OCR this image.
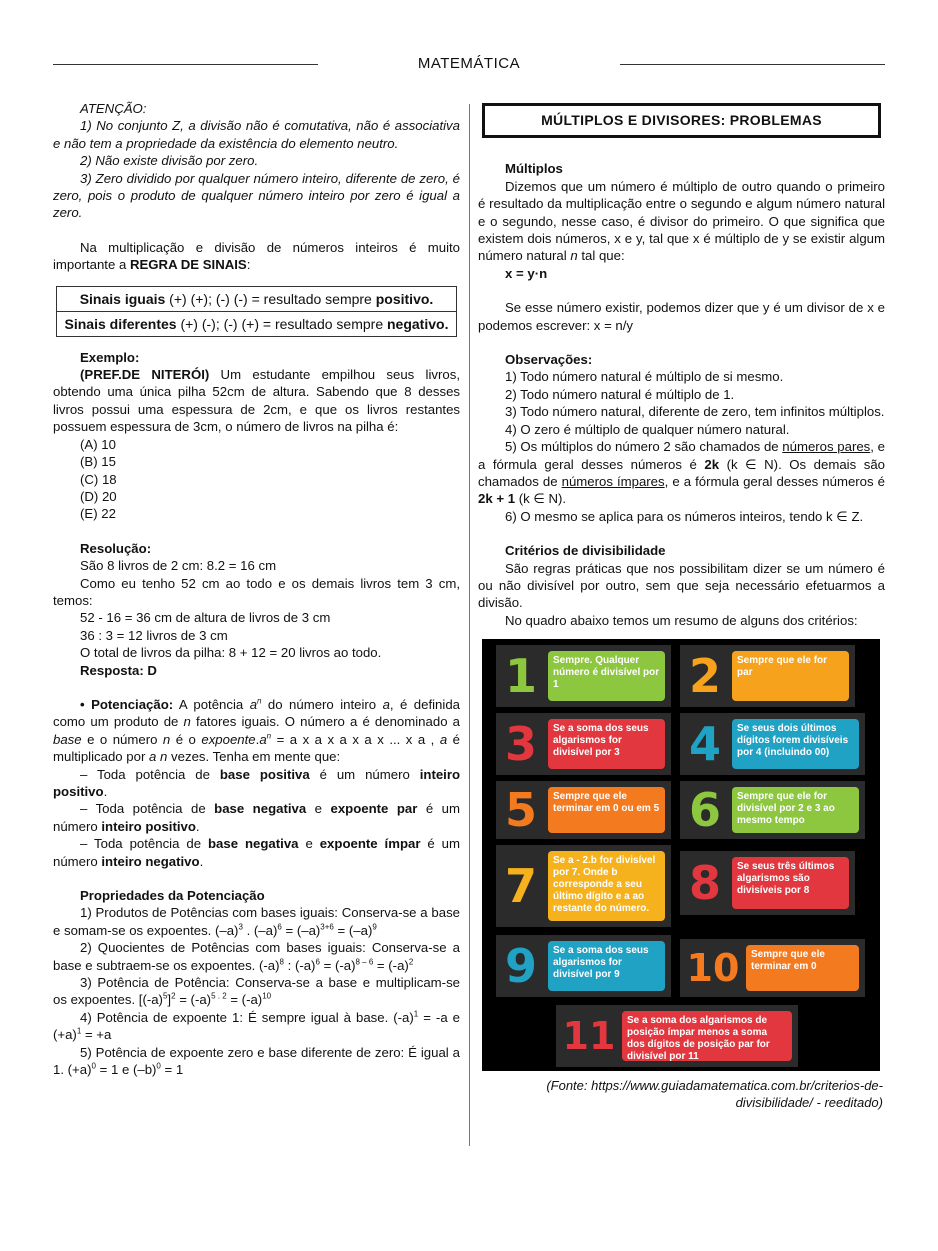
MATEMÁTICA

ATENÇÃO:

1) No conjunto Z, a divisão não é comutativa, não é associativa e não tem a propriedade da existência do elemento neutro.

2) Não existe divisão por zero.

3) Zero dividido por qualquer número inteiro, diferente de zero, é zero, pois o produto de qualquer número inteiro por zero é igual a zero.

Na multiplicação e divisão de números inteiros é muito importante a REGRA DE SINAIS:

Sinais iguais (+) (+); (-) (-) = resultado sempre positivo.
Sinais diferentes (+) (-); (-) (+) = resultado sempre negativo.

Exemplo:

(PREF.DE NITERÓI) Um estudante empilhou seus livros, obtendo uma única pilha 52cm de altura. Sabendo que 8 desses livros possui uma espessura de 2cm, e que os livros restantes possuem espessura de 3cm, o número de livros na pilha é:

(A) 10

(B) 15

(C) 18

(D) 20

(E) 22

Resolução:

São 8 livros de 2 cm: 8.2 = 16 cm

Como eu tenho 52 cm ao todo e os demais livros tem 3 cm, temos:

52 - 16 = 36 cm de altura de livros de 3 cm

36 : 3 = 12 livros de 3 cm

O total de livros da pilha: 8 + 12 = 20 livros ao todo.

Resposta: D

• Potenciação: A potência $a^n$ do número inteiro a, é definida como um produto de n fatores iguais. O número a é denominado a base e o número n é o $expoente.a^n = a$ x a x a x a x ... x a , a é multiplicado por a n vezes. Tenha em mente que:

– Toda potência de base positiva é um número inteiro positivo.

– Toda potência de base negativa e expoente par é um número inteiro positivo.

– Toda potência de base negativa e expoente ímpar é um número inteiro negativo.

Propriedades da Potenciação

1) Produtos de Potências com bases iguais: Conserva-se a base e somam-se os expoentes. $(-a)^3$ . $(-a)^6 = (-a)^{3+6} = (-a)^9$

2) Quocientes de Potências com bases iguais: Conserva-se a base e subtraem-se os expoentes. $(-a)^8$ : $(-a)^6 = (-a)^{8 - 6} = (-a)^2$

3) Potência de Potência: Conserva-se a base e multiplicam-se os expoentes. $[(-a)^5]^2 = (-a)^{5 . 2} = (-a)^{10}$

4) Potência de expoente 1: É sempre igual à base. $(-a)^1 = -a$ e $(+a)^1 = +a$

5) Potência de expoente zero e base diferente de zero: É igual a 1. $(+a)^0 = 1$ e $(-b)^0 = 1$

MÚLTIPLOS E DIVISORES: PROBLEMAS

Múltiplos

Dizemos que um número é múltiplo de outro quando o primeiro é resultado da multiplicação entre o segundo e algum número natural e o segundo, nesse caso, é divisor do primeiro. O que significa que existem dois números, x e y, tal que x é múltiplo de y se existir algum número natural n tal que:

x = y·n

Se esse número existir, podemos dizer que y é um divisor de x e podemos escrever: x = n/y

Observações:

1) Todo número natural é múltiplo de si mesmo.

2) Todo número natural é múltiplo de 1.

3) Todo número natural, diferente de zero, tem infinitos múltiplos.

4) O zero é múltiplo de qualquer número natural.

5) Os múltiplos do número 2 são chamados de números pares, e a fórmula geral desses números é 2k (k ∈ N). Os demais são chamados de números ímpares, e a fórmula geral desses números é 2k + 1 (k ∈ N).

6) O mesmo se aplica para os números inteiros, tendo k ∈ Z.

Critérios de divisibilidade

São regras práticas que nos possibilitam dizer se um número é ou não divisível por outro, sem que seja necessário efetuarmos a divisão.

No quadro abaixo temos um resumo de alguns dos critérios:

1	Sempre. Qualquer número é divisível por 1	2	Sempre que ele for par
3	Se a soma dos seus algarismos for divisível por 3	4	Se seus dois últimos dígitos forem divisíveis por 4 (incluindo 00)
5	Sempre que ele terminar em 0 ou em 5 6	Sempre que ele for divisível por 2 e 3 ao mesmo tempo
7	Se a - 2.b for divisível por 7. Onde b corresponde a seu último dígito e a ao restante do número. 8	Se seus três últimos algarismos são divisíveis por 8
9	Se a soma dos seus algarismos for divisível por 9	10	Sempre que ele terminar em 0
11	Se a soma dos algarismos de posição ímpar menos a soma dos dígitos de posição par for divisível por 11

(Fonte: https://www.guiadamatematica.com.br/criterios-de-divisibilidade/ - reeditado)
